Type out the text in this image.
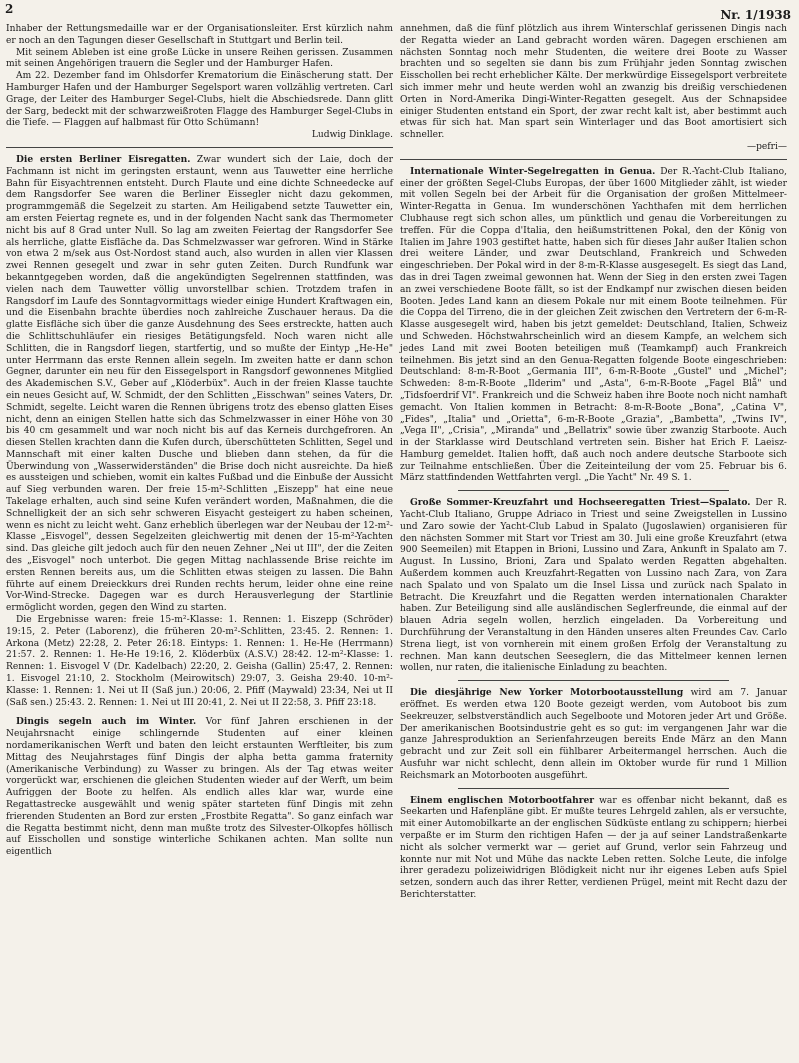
2	Nr. 1/1938

Inhaber der Rettungsmedaille war er der Organisationsleiter. Erst kürzlich nahm er noch an den Tagungen dieser Gesellschaft in Stuttgart und Berlin teil.

Mit seinem Ableben ist eine große Lücke in unsere Reihen gerissen. Zusammen mit seinen Angehörigen trauern die Segler und der Hamburger Hafen.

Am 22. Dezember fand im Ohlsdorfer Krematorium die Einäscherung statt. Der Hamburger Hafen und der Hamburger Segelsport waren vollzählig vertreten. Carl Grage, der Leiter des Hamburger Segel-Clubs, hielt die Abschiedsrede. Dann glitt der Sarg, bedeckt mit der schwarzweißroten Flagge des Hamburger Segel-Clubs in die Tiefe. — Flaggen auf halbmast für Otto Schümann!

Ludwig Dinklage.

Die ersten Berliner Eisregatten. Zwar wundert sich der Laie, doch der Fachmann ist nicht im geringsten erstaunt, wenn aus Tauwetter eine herrliche Bahn für Eisyachtrennen entsteht. Durch Flaute und eine dichte Schneedecke auf dem Rangsdorfer See waren die Berliner Eissegler nicht dazu gekommen, programmgemäß die Segelzeit zu starten. Am Heiligabend setzte Tauwetter ein, am ersten Feiertag regnete es, und in der folgenden Nacht sank das Thermometer nicht bis auf 8 Grad unter Null. So lag am zweiten Feiertag der Rangsdorfer See als herrliche, glatte Eisfläche da. Das Schmelzwasser war gefroren. Wind in Stärke von etwa 2 m/sek aus Ost-Nordost stand auch, also wurden in allen vier Klassen zwei Rennen gesegelt und zwar in sehr guten Zeiten. Durch Rundfunk war bekanntgegeben worden, daß die angekündigten Segelrennen stattfinden, was vielen nach dem Tauwetter völlig unvorstellbar schien. Trotzdem trafen in Rangsdorf im Laufe des Sonntagvormittags wieder einige Hundert Kraftwagen ein, und die Eisenbahn brachte überdies noch zahlreiche Zuschauer heraus. Da die glatte Eisfläche sich über die ganze Ausdehnung des Sees erstreckte, hatten auch die Schlittschuhläufer ein riesiges Betätigungsfeld. Noch waren nicht alle Schlitten, die in Rangsdorf liegen, startfertig, und so mußte der Eintyp „He-He" unter Herrmann das erste Rennen allein segeln. Im zweiten hatte er dann schon Gegner, darunter ein neu für den Eissegelsport in Rangsdorf gewonnenes Mitglied des Akademischen S.V., Geber auf „Klöderbüx". Auch in der freien Klasse tauchte ein neues Gesicht auf, W. Schmidt, der den Schlitten „Eisschwan" seines Vaters, Dr. Schmidt, segelte. Leicht waren die Rennen übrigens trotz des ebenso glatten Eises nicht, denn an einigen Stellen hatte sich das Schmelzwasser in einer Höhe von 30 bis 40 cm gesammelt und war noch nicht bis auf das Kerneis durchgefroren. An diesen Stellen krachten dann die Kufen durch, überschütteten Schlitten, Segel und Mannschaft mit einer kalten Dusche und blieben dann stehen, da für die Überwindung von „Wasserwiderständen" die Brise doch nicht ausreichte. Da hieß es aussteigen und schieben, womit ein kaltes Fußbad und die Einbuße der Aussicht auf Sieg verbunden waren. Der freie 15-m²-Schlitten „Eiszepp" hat eine neue Takelage erhalten, auch sind seine Kufen verändert worden, Maßnahmen, die die Schnelligkeit der an sich sehr schweren Eisyacht gesteigert zu haben scheinen, wenn es nicht zu leicht weht. Ganz erheblich überlegen war der Neubau der 12-m²-Klasse „Eisvogel", dessen Segelzeiten gleichwertig mit denen der 15-m²-Yachten sind. Das gleiche gilt jedoch auch für den neuen Zehner „Nei ut III", der die Zeiten des „Eisvogel" noch unterbot. Die gegen Mittag nachlassende Brise reichte im ersten Rennen bereits aus, um die Schlitten etwas steigen zu lassen. Die Bahn führte auf einem Dreieckkurs drei Runden rechts herum, leider ohne eine reine Vor-Wind-Strecke. Dagegen war es durch Herausverlegung der Startlinie ermöglicht worden, gegen den Wind zu starten.

Die Ergebnisse waren: freie 15-m²-Klasse: 1. Rennen: 1. Eiszepp (Schröder) 19:15, 2. Peter (Laborenz), die früheren 20-m²-Schlitten, 23:45. 2. Rennen: 1. Arkona (Metz) 22:28, 2. Peter 26:18. Eintyps: 1. Rennen: 1. He-He (Herrmann) 21:57. 2. Rennen: 1. He-He 19:16, 2. Klöderbüx (A.S.V.) 28:42. 12-m²-Klasse: 1. Rennen: 1. Eisvogel V (Dr. Kadelbach) 22:20, 2. Geisha (Gallin) 25:47, 2. Rennen: 1. Eisvogel 21:10, 2. Stockholm (Meirowitsch) 29:07, 3. Geisha 29:40. 10-m²-Klasse: 1. Rennen: 1. Nei ut II (Saß jun.) 20:06, 2. Pfiff (Maywald) 23:34, Nei ut II (Saß sen.) 25:43. 2. Rennen: 1. Nei ut III 20:41, 2. Nei ut II 22:58, 3. Pfiff 23:18.

Dingis segeln auch im Winter. Vor fünf Jahren erschienen in der Neujahrsnacht einige schlingernde Studenten auf einer kleinen nordamerikanischen Werft und baten den leicht erstaunten Werftleiter, bis zum Mittag des Neujahrstages fünf Dingis der alpha betta gamma fraternity (Amerikanische Verbindung) zu Wasser zu bringen. Als der Tag etwas weiter vorgerückt war, erschienen die gleichen Studenten wieder auf der Werft, um beim Aufriggen der Boote zu helfen. Als endlich alles klar war, wurde eine Regattastrecke ausgewählt und wenig später starteten fünf Dingis mit zehn frierenden Studenten an Bord zur ersten „Frostbite Regatta". So ganz einfach war die Regatta bestimmt nicht, denn man mußte trotz des Silvester-Olkopfes höllisch auf Eisschollen und sonstige winterliche Schikanen achten. Man sollte nun eigentlich

annehmen, daß die fünf plötzlich aus ihrem Winterschlaf gerissenen Dingis nach der Regatta wieder an Land gebracht worden wären. Dagegen erschienen am nächsten Sonntag noch mehr Studenten, die weitere drei Boote zu Wasser brachten und so segelten sie dann bis zum Frühjahr jeden Sonntag zwischen Eisschollen bei recht erheblicher Kälte. Der merkwürdige Eissegelsport verbreitete sich immer mehr und heute werden wohl an zwanzig bis dreißig verschiedenen Orten in Nord-Amerika Dingi-Winter-Regatten gesegelt. Aus der Schnapsidee einiger Studenten entstand ein Sport, der zwar recht kalt ist, aber bestimmt auch etwas für sich hat. Man spart sein Winterlager und das Boot amortisiert sich schneller.

—pefri—

Internationale Winter-Segelregatten in Genua. Der R.-Yacht-Club Italiano, einer der größten Segel-Clubs Europas, der über 1600 Mitglieder zählt, ist wieder mit vollen Segeln bei der Arbeit für die Organisation der großen Mittelmeer-Winter-Regatta in Genua. Im wunderschönen Yachthafen mit dem herrlichen Clubhause regt sich schon alles, um pünktlich und genau die Vorbereitungen zu treffen. Für die Coppa d'Italia, den heißumstrittenen Pokal, den der König von Italien im Jahre 1903 gestiftet hatte, haben sich für dieses Jahr außer Italien schon drei weitere Länder, und zwar Deutschland, Frankreich und Schweden eingeschrieben. Der Pokal wird in der 8-m-R-Klasse ausgesegelt. Es siegt das Land, das in drei Tagen zweimal gewonnen hat. Wenn der Sieg in den ersten zwei Tagen an zwei verschiedene Boote fällt, so ist der Endkampf nur zwischen diesen beiden Booten. Jedes Land kann an diesem Pokale nur mit einem Boote teilnehmen. Für die Coppa del Tirreno, die in der gleichen Zeit zwischen den Vertretern der 6-m-R-Klasse ausgesegelt wird, haben bis jetzt gemeldet: Deutschland, Italien, Schweiz und Schweden. Höchstwahrscheinlich wird an diesem Kampfe, an welchem sich jedes Land mit zwei Booten beteiligen muß (Teamkampf) auch Frankreich teilnehmen. Bis jetzt sind an den Genua-Regatten folgende Boote eingeschrieben: Deutschland: 8-m-R-Boot „Germania III", 6-m-R-Boote „Gustel" und „Michel"; Schweden: 8-m-R-Boote „Ilderim" und „Asta", 6-m-R-Boote „Fagel Blå" und „Tidsfoerdrif VI". Frankreich und die Schweiz haben ihre Boote noch nicht namhaft gemacht. Von Italien kommen in Betracht: 8-m-R-Boote „Bona", „Catina V", „Fides", „Italia" und „Orietta", 6-m-R-Boote „Grazia", „Bambetta", „Twins IV", „Vega II", „Crisia", „Miranda" und „Bellatrix" sowie über zwanzig Starboote. Auch in der Starklasse wird Deutschland vertreten sein. Bisher hat Erich F. Laeisz-Hamburg gemeldet. Italien hofft, daß auch noch andere deutsche Starboote sich zur Teilnahme entschließen. Über die Zeiteinteilung der vom 25. Februar bis 6. März stattfindenden Wettfahrten vergl. „Die Yacht" Nr. 49 S. 1.

Große Sommer-Kreuzfahrt und Hochseeregatten Triest—Spalato. Der R. Yacht-Club Italiano, Gruppe Adriaco in Triest und seine Zweigstellen in Lussino und Zaro sowie der Yacht-Club Labud in Spalato (Jugoslawien) organisieren für den nächsten Sommer mit Start vor Triest am 30. Juli eine große Kreuzfahrt (etwa 900 Seemeilen) mit Etappen in Brioni, Lussino und Zara, Ankunft in Spalato am 7. August. In Lussino, Brioni, Zara und Spalato werden Regatten abgehalten. Außerdem kommen auch Kreuzfahrt-Regatten von Lussino nach Zara, von Zara nach Spalato und von Spalato um die Insel Lissa und zurück nach Spalato in Betracht. Die Kreuzfahrt und die Regatten werden internationalen Charakter haben. Zur Beteiligung sind alle ausländischen Seglerfreunde, die einmal auf der blauen Adria segeln wollen, herzlich eingeladen. Da Vorbereitung und Durchführung der Veranstaltung in den Händen unseres alten Freundes Cav. Carlo Strena liegt, ist von vornherein mit einem großen Erfolg der Veranstaltung zu rechnen. Man kann deutschen Seeseglern, die das Mittelmeer kennen lernen wollen, nur raten, die italienische Einladung zu beachten.

Die diesjährige New Yorker Motorbootausstellung wird am 7. Januar eröffnet. Es werden etwa 120 Boote gezeigt werden, vom Autoboot bis zum Seekreuzer, selbstverständlich auch Segelboote und Motoren jeder Art und Größe. Der amerikanischen Bootsindustrie geht es so gut: im vergangenen Jahr war die ganze Jahresproduktion an Serienfahrzeugen bereits Ende März an den Mann gebracht und zur Zeit soll ein fühlbarer Arbeitermangel herrschen. Auch die Ausfuhr war nicht schlecht, denn allein im Oktober wurde für rund 1 Million Reichsmark an Motorbooten ausgeführt.

Einem englischen Motorbootfahrer war es offenbar nicht bekannt, daß es Seekarten und Hafenpläne gibt. Er mußte teures Lehrgeld zahlen, als er versuchte, mit einer Automobilkarte an der englischen Südküste entlang zu schippern; hierbei verpaßte er im Sturm den richtigen Hafen — der ja auf seiner Landstraßenkarte nicht als solcher vermerkt war — geriet auf Grund, verlor sein Fahrzeug und konnte nur mit Not und Mühe das nackte Leben retten. Solche Leute, die infolge ihrer geradezu polizeiwidrigen Blödigkeit nicht nur ihr eigenes Leben aufs Spiel setzen, sondern auch das ihrer Retter, verdienen Prügel, meint mit Recht dazu der Berichterstatter.
